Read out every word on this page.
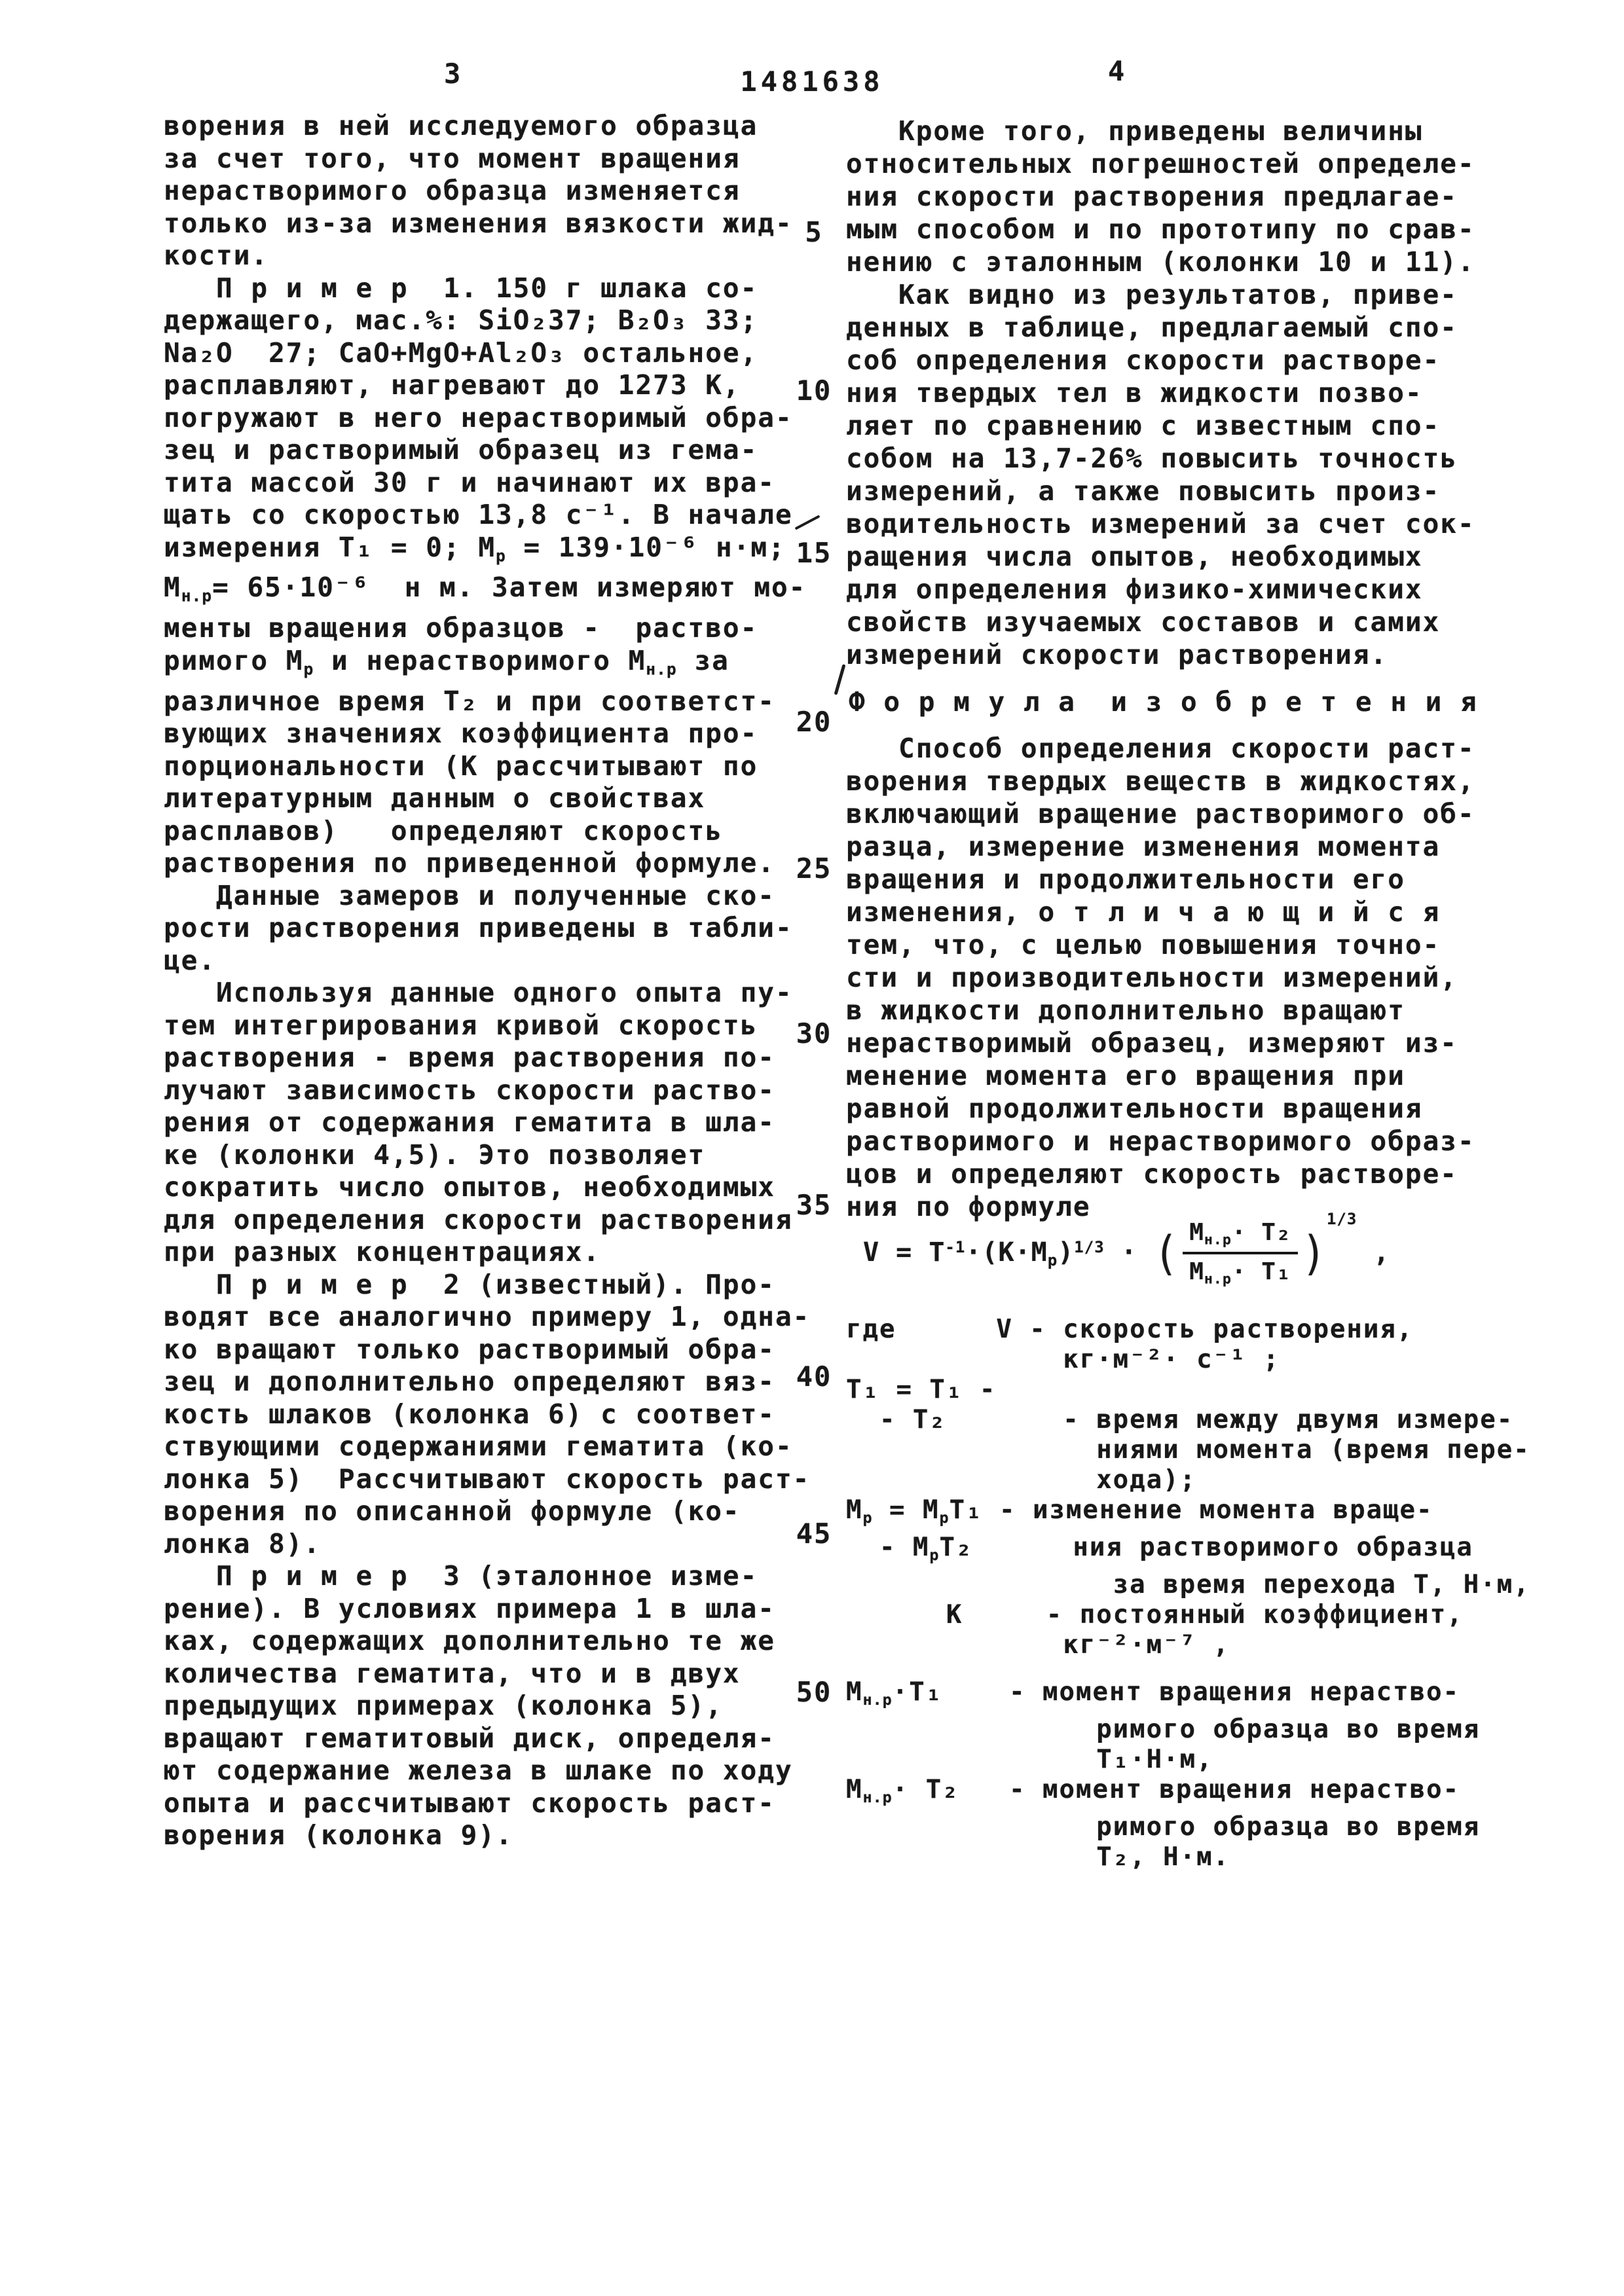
3	1481638	4
5
10
15
20
25
30
35
40
45
50
ворения в ней исследуемого образца
за счет того, что момент вращения
нерастворимого образца изменяется
только из-за изменения вязкости жид-
кости.
П р и м е р  1. 150 г шлака со-
держащего, мас.%: SiO₂37; В₂О₃ 33;
Na₂O  27; CaO+MgO+Al₂O₃ остальное,
расплавляют, нагревают до 1273 К,
погружают в него нерастворимый обра-
зец и растворимый образец из гема-
тита массой 30 г и начинают их вра-
щать со скоростью 13,8 с⁻¹. В начале
измерения Т₁ = 0; $М_р = 139\cdot 10^{-6}$ н·м;
$М_{н.р}= 65\cdot 10^{-6}$  н м. Затем измеряют мо-
менты вращения образцов -  раство-
римого $М_р$ и нерастворимого $М_{н.р}$ за
различное время Т₂ и при соответст-
вующих значениях коэффициента про-
порциональности (К рассчитывают по
литературным данным о свойствах
расплавов)   определяют скорость
растворения по приведенной формуле.
Данные замеров и полученные ско-
рости растворения приведены в табли-
це.
Используя данные одного опыта пу-
тем интегрирования кривой скорость
растворения - время растворения по-
лучают зависимость скорости раство-
рения от содержания гематита в шла-
ке (колонки 4,5). Это позволяет
сократить число опытов, необходимых
для определения скорости растворения
при разных концентрациях.
П р и м е р  2 (известный). Про-
водят все аналогично примеру 1, одна-
ко вращают только растворимый обра-
зец и дополнительно определяют вяз-
кость шлаков (колонка 6) с соответ-
ствующими содержаниями гематита (ко-
лонка 5)  Рассчитывают скорость раст-
ворения по описанной формуле (ко-
лонка 8).
П р и м е р  3 (эталонное изме-
рение). В условиях примера 1 в шла-
ках, содержащих дополнительно те же
количества гематита, что и в двух
предыдущих примерах (колонка 5),
вращают гематитовый диск, определя-
ют содержание железа в шлаке по ходу
опыта и рассчитывают скорость раст-
ворения (колонка 9).
Кроме того, приведены величины
относительных погрешностей определе-
ния скорости растворения предлагае-
мым способом и по прототипу по срав-
нению с эталонным (колонки 10 и 11).
Как видно из результатов, приве-
денных в таблице, предлагаемый спо-
соб определения скорости растворе-
ния твердых тел в жидкости позво-
ляет по сравнению с известным спо-
собом на 13,7-26% повысить точность
измерений, а также повысить произ-
водительность измерений за счет сок-
ращения числа опытов, необходимых
для определения физико-химических
свойств изучаемых составов и самих
измерений скорости растворения.
Ф о р м у л а  и з о б р е т е н и я
Способ определения скорости раст-
ворения твердых веществ в жидкостях,
включающий вращение растворимого об-
разца, измерение изменения момента
вращения и продолжительности его
изменения, о т л и ч а ю щ и й с я
тем, что, с целью повышения точно-
сти и производительности измерений,
в жидкости дополнительно вращают
нерастворимый образец, измеряют из-
менение момента его вращения при
равной продолжительности вращения
растворимого и нерастворимого образ-
цов и определяют скорость растворе-
ния по формуле
$V = Т^{-1}\cdot(К\cdot М_р)^{1/3}$ · ( $\frac{М_{н.р}\cdot Т_2}{М_{н.р}\cdot Т_1}$ )
$^{1/3}$
,
где      V - скорость растворения,
кг·м⁻²· с⁻¹ ;
Т₁ = Т₁ -
- Т₂       - время между двумя измере-
ниями момента (время пере-
хода);
$М_р = М_рТ_1$ - изменение момента враще-
- $М_рТ_2$      ния растворимого образца
за время перехода Т, Н·м,
К     - постоянный коэффициент,
кг⁻²·м⁻⁷ ,

$М_{н.р}\cdot Т_1$    - момент вращения нераство-
римого образца во время
Т₁·Н·м,
$М_{н.р}\cdot Т_2$   - момент вращения нераство-
римого образца во время
Т₂, Н·м.
